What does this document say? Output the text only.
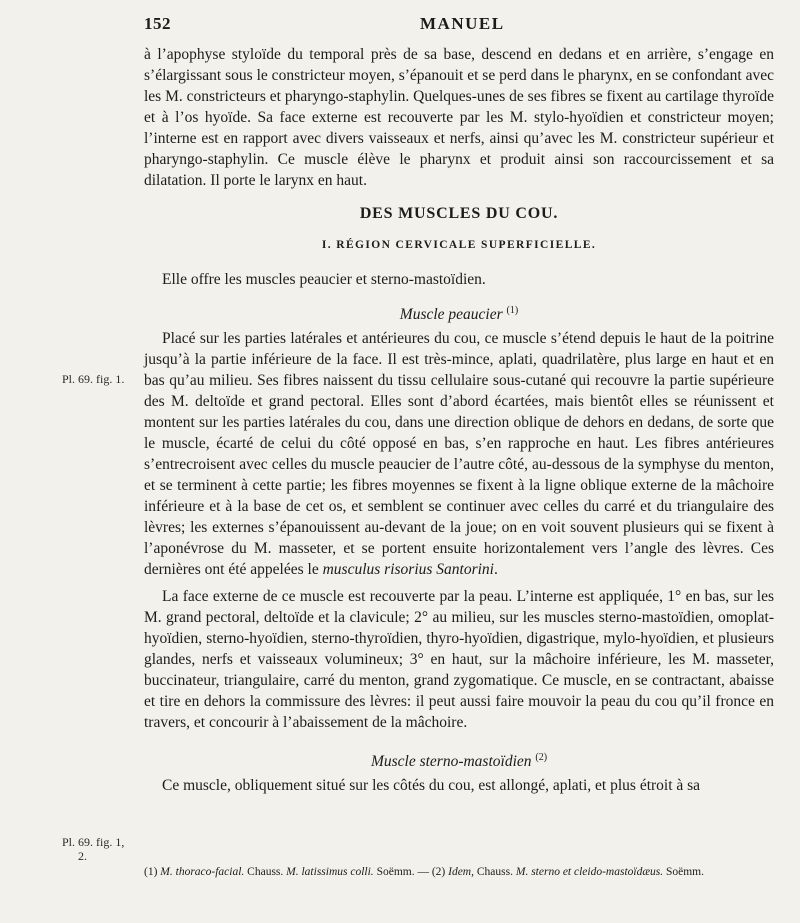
152	MANUEL
Pl. 69. fig. 1.
Pl. 69. fig. 1,
2.

à l’apophyse styloïde du temporal près de sa base, descend en dedans et en arrière, s’engage en s’élargissant sous le constricteur moyen, s’épanouit et se perd dans le pharynx, en se confondant avec les M. constricteurs et pharyngo-staphylin. Quelques-unes de ses fibres se fixent au cartilage thyroïde et à l’os hyoïde. Sa face externe est recouverte par les M. stylo-hyoïdien et constricteur moyen; l’interne est en rapport avec divers vaisseaux et nerfs, ainsi qu’avec les M. constricteur supérieur et pharyngo-staphylin. Ce muscle élève le pharynx et produit ainsi son raccourcissement et sa dilatation. Il porte le larynx en haut.

DES MUSCLES DU COU.
I. RÉGION CERVICALE SUPERFICIELLE.

Elle offre les muscles peaucier et sterno-mastoïdien.

Muscle peaucier $^{(1)}$

Placé sur les parties latérales et antérieures du cou, ce muscle s’étend depuis le haut de la poitrine jusqu’à la partie inférieure de la face. Il est très-mince, aplati, quadrilatère, plus large en haut et en bas qu’au milieu. Ses fibres naissent du tissu cellulaire sous-cutané qui recouvre la partie supérieure des M. deltoïde et grand pectoral. Elles sont d’abord écartées, mais bientôt elles se réunissent et montent sur les parties latérales du cou, dans une direction oblique de dehors en dedans, de sorte que le muscle, écarté de celui du côté opposé en bas, s’en rapproche en haut. Les fibres antérieures s’entrecroisent avec celles du muscle peaucier de l’autre côté, au-dessous de la symphyse du menton, et se terminent à cette partie; les fibres moyennes se fixent à la ligne oblique externe de la mâchoire inférieure et à la base de cet os, et semblent se continuer avec celles du carré et du triangulaire des lèvres; les externes s’épanouissent au-devant de la joue; on en voit souvent plusieurs qui se fixent à l’aponévrose du M. masseter, et se portent ensuite horizontalement vers l’angle des lèvres. Ces dernières ont été appelées le musculus risorius Santorini.

La face externe de ce muscle est recouverte par la peau. L’interne est appliquée, 1° en bas, sur les M. grand pectoral, deltoïde et la clavicule; 2° au milieu, sur les muscles sterno-mastoïdien, omoplat-hyoïdien, sterno-hyoïdien, sterno-thyroïdien, thyro-hyoïdien, digastrique, mylo-hyoïdien, et plusieurs glandes, nerfs et vaisseaux volumineux; 3° en haut, sur la mâchoire inférieure, les M. masseter, buccinateur, triangulaire, carré du menton, grand zygomatique. Ce muscle, en se contractant, abaisse et tire en dehors la commissure des lèvres: il peut aussi faire mouvoir la peau du cou qu’il fronce en travers, et concourir à l’abaissement de la mâchoire.

Muscle sterno-mastoïdien $^{(2)}$

Ce muscle, obliquement situé sur les côtés du cou, est allongé, aplati, et plus étroit à sa

(1) M. thoraco-facial. Chauss. M. latissimus colli. Soëmm. — (2) Idem, Chauss. M. sterno et cleido-mastoïdæus. Soëmm.
